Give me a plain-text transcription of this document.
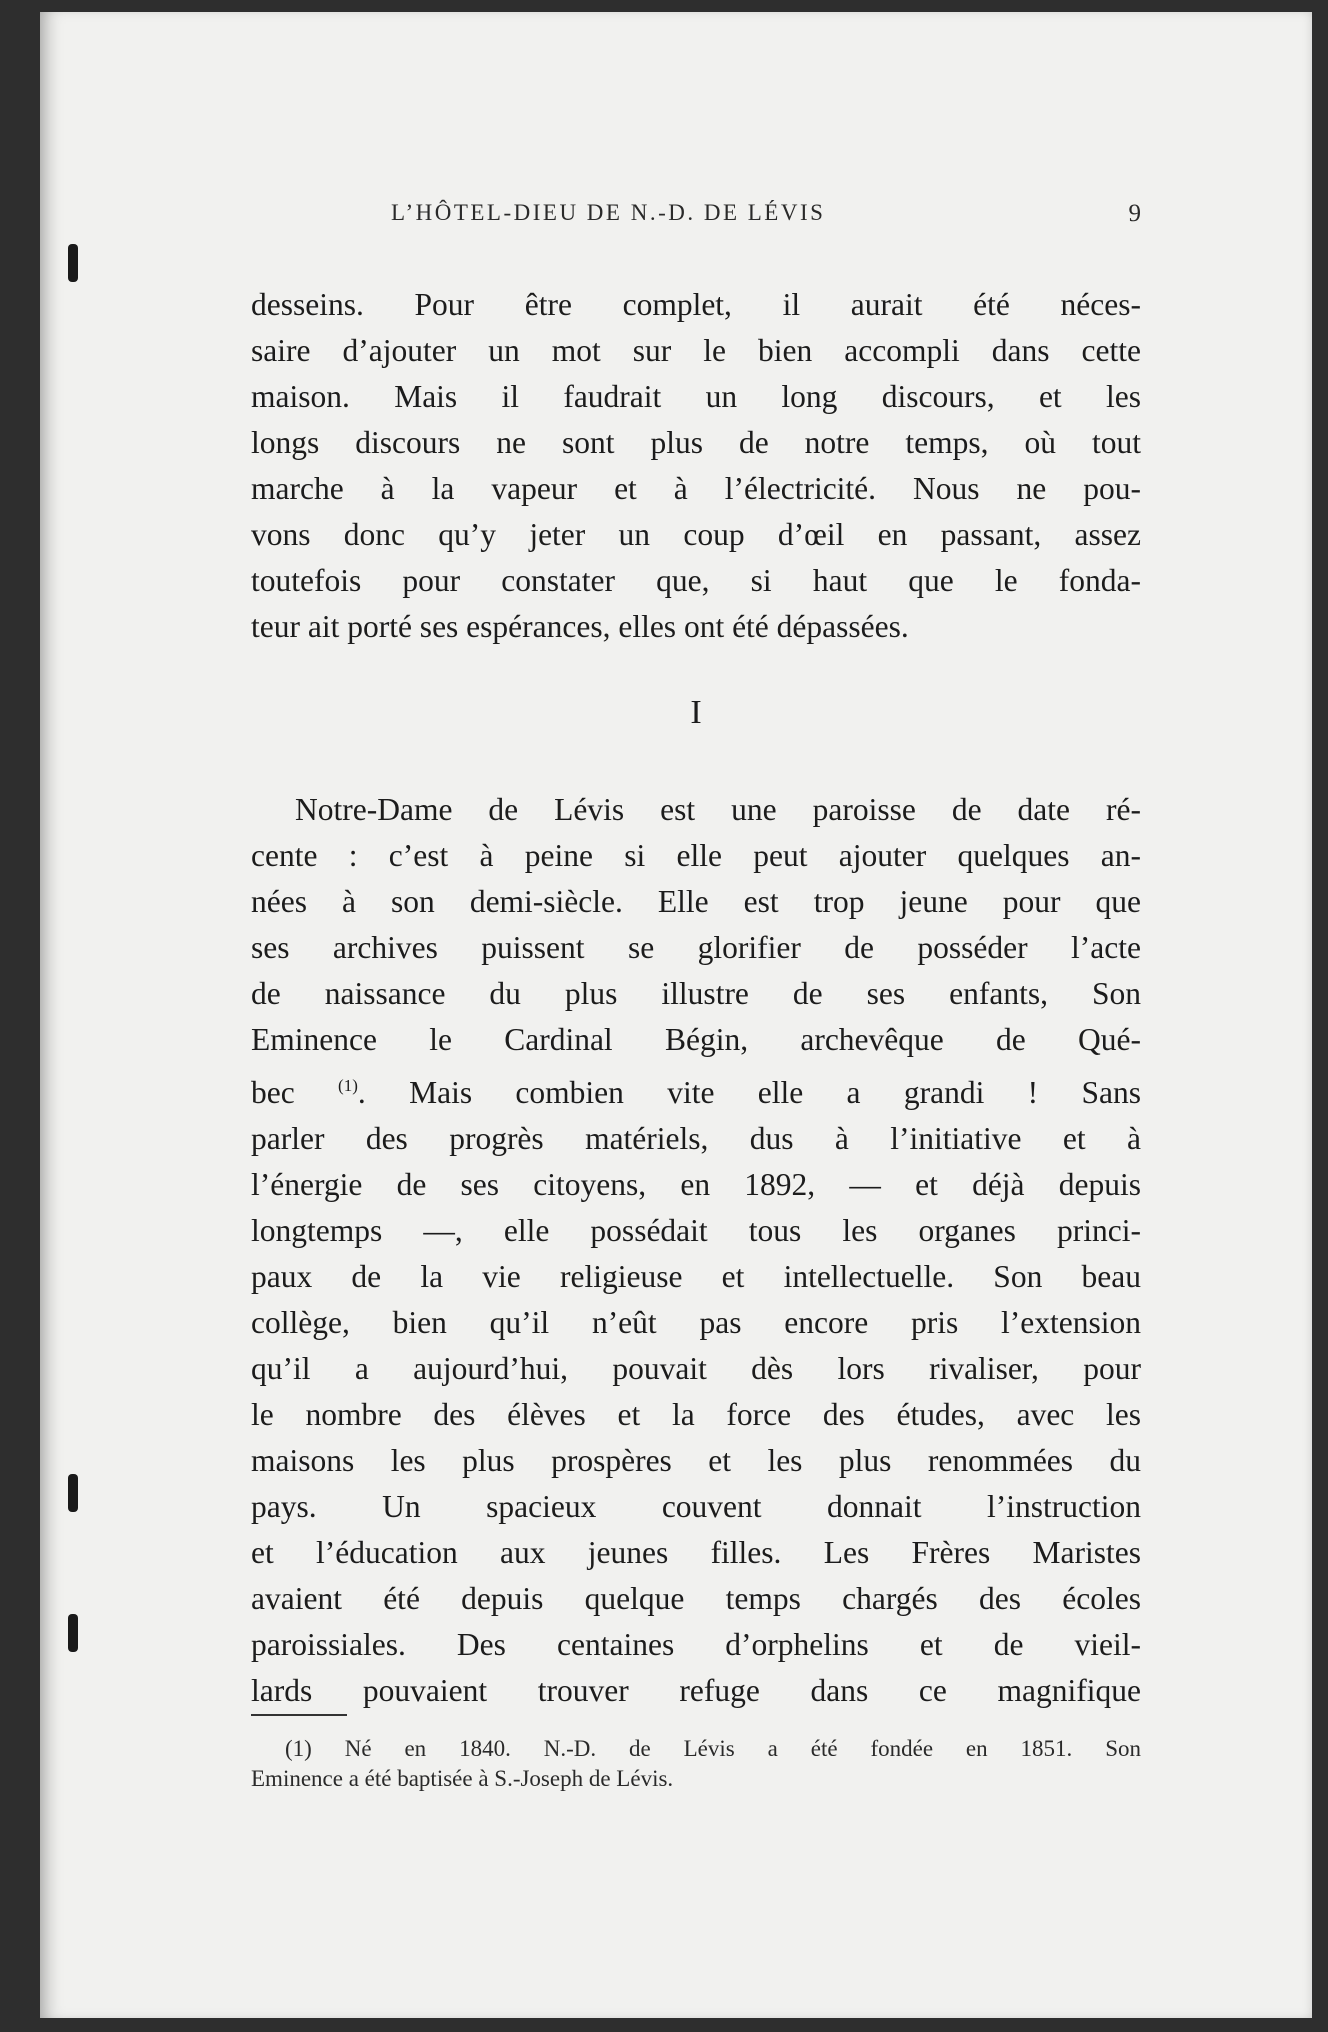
L’HÔTEL-DIEU DE N.-D. DE LÉVIS	9
desseins. Pour être complet, il aurait été néces-
saire d’ajouter un mot sur le bien accompli dans cette
maison. Mais il faudrait un long discours, et les
longs discours ne sont plus de notre temps, où tout
marche à la vapeur et à l’électricité. Nous ne pou-
vons donc qu’y jeter un coup d’œil en passant, assez
toutefois pour constater que, si haut que le fonda-
teur ait porté ses espérances, elles ont été dépassées.
I
Notre-Dame de Lévis est une paroisse de date ré-
cente : c’est à peine si elle peut ajouter quelques an-
nées à son demi-siècle. Elle est trop jeune pour que
ses archives puissent se glorifier de posséder l’acte
de naissance du plus illustre de ses enfants, Son
Eminence le Cardinal Bégin, archevêque de Qué-
bec	$^{(1)}$. Mais combien vite elle a grandi ! Sans
parler des progrès matériels, dus à l’initiative et à
l’énergie de ses citoyens, en 1892, — et déjà depuis
longtemps —, elle possédait tous les organes princi-
paux de la vie religieuse et intellectuelle. Son beau
collège, bien qu’il n’eût pas encore pris l’extension
qu’il a aujourd’hui, pouvait dès lors rivaliser, pour
le nombre des élèves et la force des études, avec les
maisons les plus prospères et les plus renommées du
pays. Un spacieux couvent donnait l’instruction
et l’éducation aux jeunes filles. Les Frères Maristes
avaient été depuis quelque temps chargés des écoles
paroissiales. Des centaines d’orphelins et de vieil-
lards pouvaient trouver refuge dans ce magnifique
(1) Né en 1840. N.-D. de Lévis a été fondée en 1851. Son
Eminence a été baptisée à S.-Joseph de Lévis.
